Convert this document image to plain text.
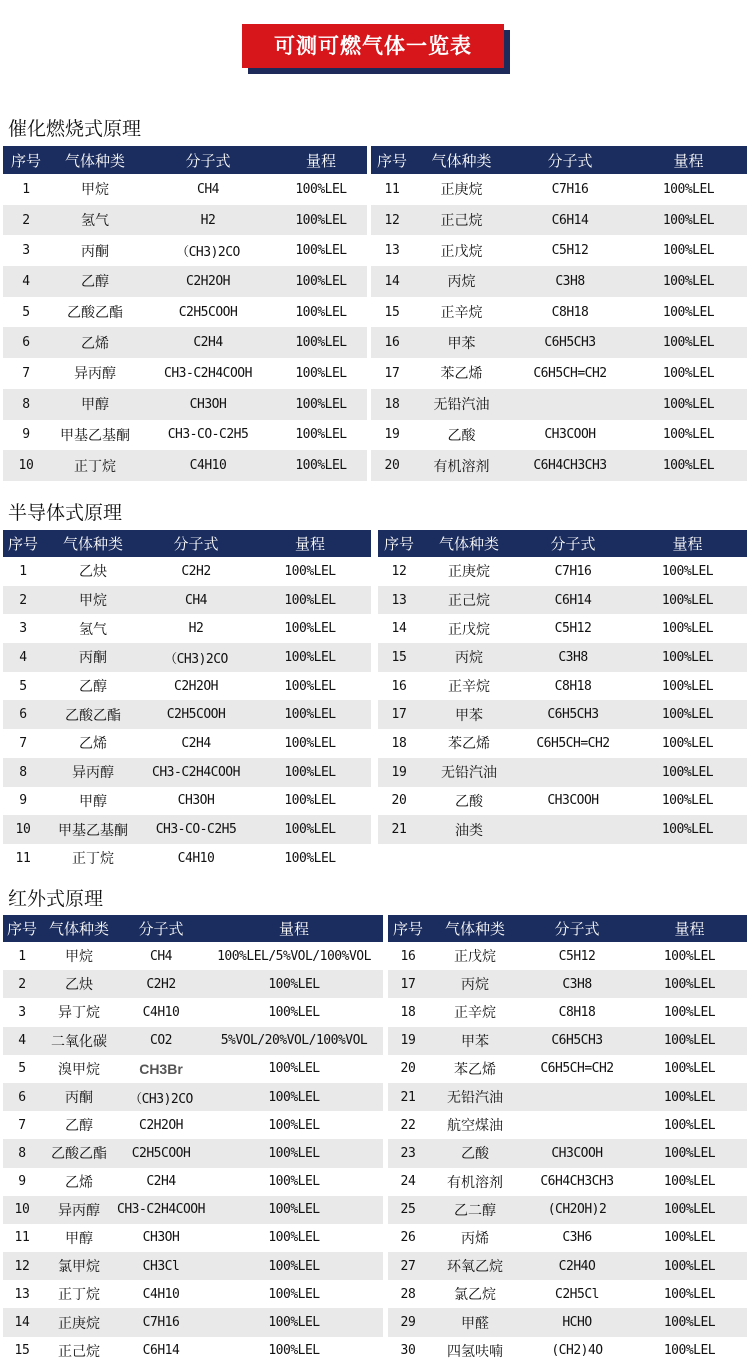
可测可燃气体一览表
催化燃烧式原理
序号	气体种类	分子式	量程
1	甲烷	CH4	100%LEL
2	氢气	H2	100%LEL
3	丙酮	（CH3)2CO	100%LEL
4	乙醇	C2H2OH	100%LEL
5	乙酸乙酯	C2H5COOH	100%LEL
6	乙烯	C2H4	100%LEL
7	异丙醇	CH3-C2H4COOH	100%LEL
8	甲醇	CH3OH	100%LEL
9	甲基乙基酮	CH3-CO-C2H5	100%LEL
10	正丁烷	C4H10	100%LEL
序号	气体种类	分子式	量程
11	正庚烷	C7H16	100%LEL
12	正己烷	C6H14	100%LEL
13	正戊烷	C5H12	100%LEL
14	丙烷	C3H8	100%LEL
15	正辛烷	C8H18	100%LEL
16	甲苯	C6H5CH3	100%LEL
17	苯乙烯	C6H5CH=CH2	100%LEL
18	无铅汽油		100%LEL
19	乙酸	CH3COOH	100%LEL
20	有机溶剂	C6H4CH3CH3	100%LEL
半导体式原理
序号	气体种类	分子式	量程
1	乙炔	C2H2	100%LEL
2	甲烷	CH4	100%LEL
3	氢气	H2	100%LEL
4	丙酮	（CH3)2CO	100%LEL
5	乙醇	C2H2OH	100%LEL
6	乙酸乙酯	C2H5COOH	100%LEL
7	乙烯	C2H4	100%LEL
8	异丙醇	CH3-C2H4COOH	100%LEL
9	甲醇	CH3OH	100%LEL
10	甲基乙基酮	CH3-CO-C2H5	100%LEL
11	正丁烷	C4H10	100%LEL
序号	气体种类	分子式	量程
12	正庚烷	C7H16	100%LEL
13	正己烷	C6H14	100%LEL
14	正戊烷	C5H12	100%LEL
15	丙烷	C3H8	100%LEL
16	正辛烷	C8H18	100%LEL
17	甲苯	C6H5CH3	100%LEL
18	苯乙烯	C6H5CH=CH2	100%LEL
19	无铅汽油		100%LEL
20	乙酸	CH3COOH	100%LEL
21	油类		100%LEL
红外式原理
序号	气体种类	分子式	量程
1	甲烷	CH4	100%LEL/5%VOL/100%VOL
2	乙炔	C2H2	100%LEL
3	异丁烷	C4H10	100%LEL
4	二氧化碳	CO2	5%VOL/20%VOL/100%VOL
5	溴甲烷	CH3Br	100%LEL
6	丙酮	（CH3)2CO	100%LEL
7	乙醇	C2H2OH	100%LEL
8	乙酸乙酯	C2H5COOH	100%LEL
9	乙烯	C2H4	100%LEL
10	异丙醇	CH3-C2H4COOH	100%LEL
11	甲醇	CH3OH	100%LEL
12	氯甲烷	CH3Cl	100%LEL
13	正丁烷	C4H10	100%LEL
14	正庚烷	C7H16	100%LEL
15	正己烷	C6H14	100%LEL
序号	气体种类	分子式	量程
16	正戊烷	C5H12	100%LEL
17	丙烷	C3H8	100%LEL
18	正辛烷	C8H18	100%LEL
19	甲苯	C6H5CH3	100%LEL
20	苯乙烯	C6H5CH=CH2	100%LEL
21	无铅汽油		100%LEL
22	航空煤油		100%LEL
23	乙酸	CH3COOH	100%LEL
24	有机溶剂	C6H4CH3CH3	100%LEL
25	乙二醇	(CH2OH)2	100%LEL
26	丙烯	C3H6	100%LEL
27	环氧乙烷	C2H4O	100%LEL
28	氯乙烷	C2H5Cl	100%LEL
29	甲醛	HCHO	100%LEL
30	四氢呋喃	(CH2)4O	100%LEL
